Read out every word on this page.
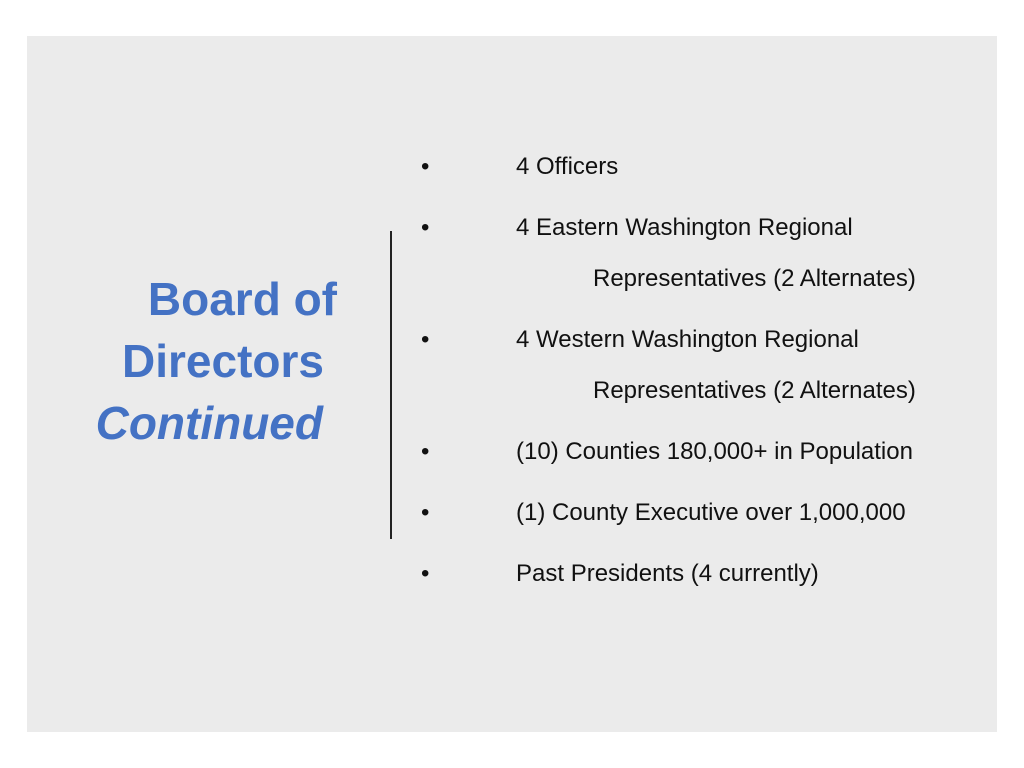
Board of
Directors
Continued
•	4 Officers
•	4 Eastern Washington Regional
Representatives (2 Alternates)
•	4 Western Washington Regional
Representatives (2 Alternates)
•	(10) Counties 180,000+ in Population
•	(1) County Executive over 1,000,000
•	Past Presidents (4 currently)
